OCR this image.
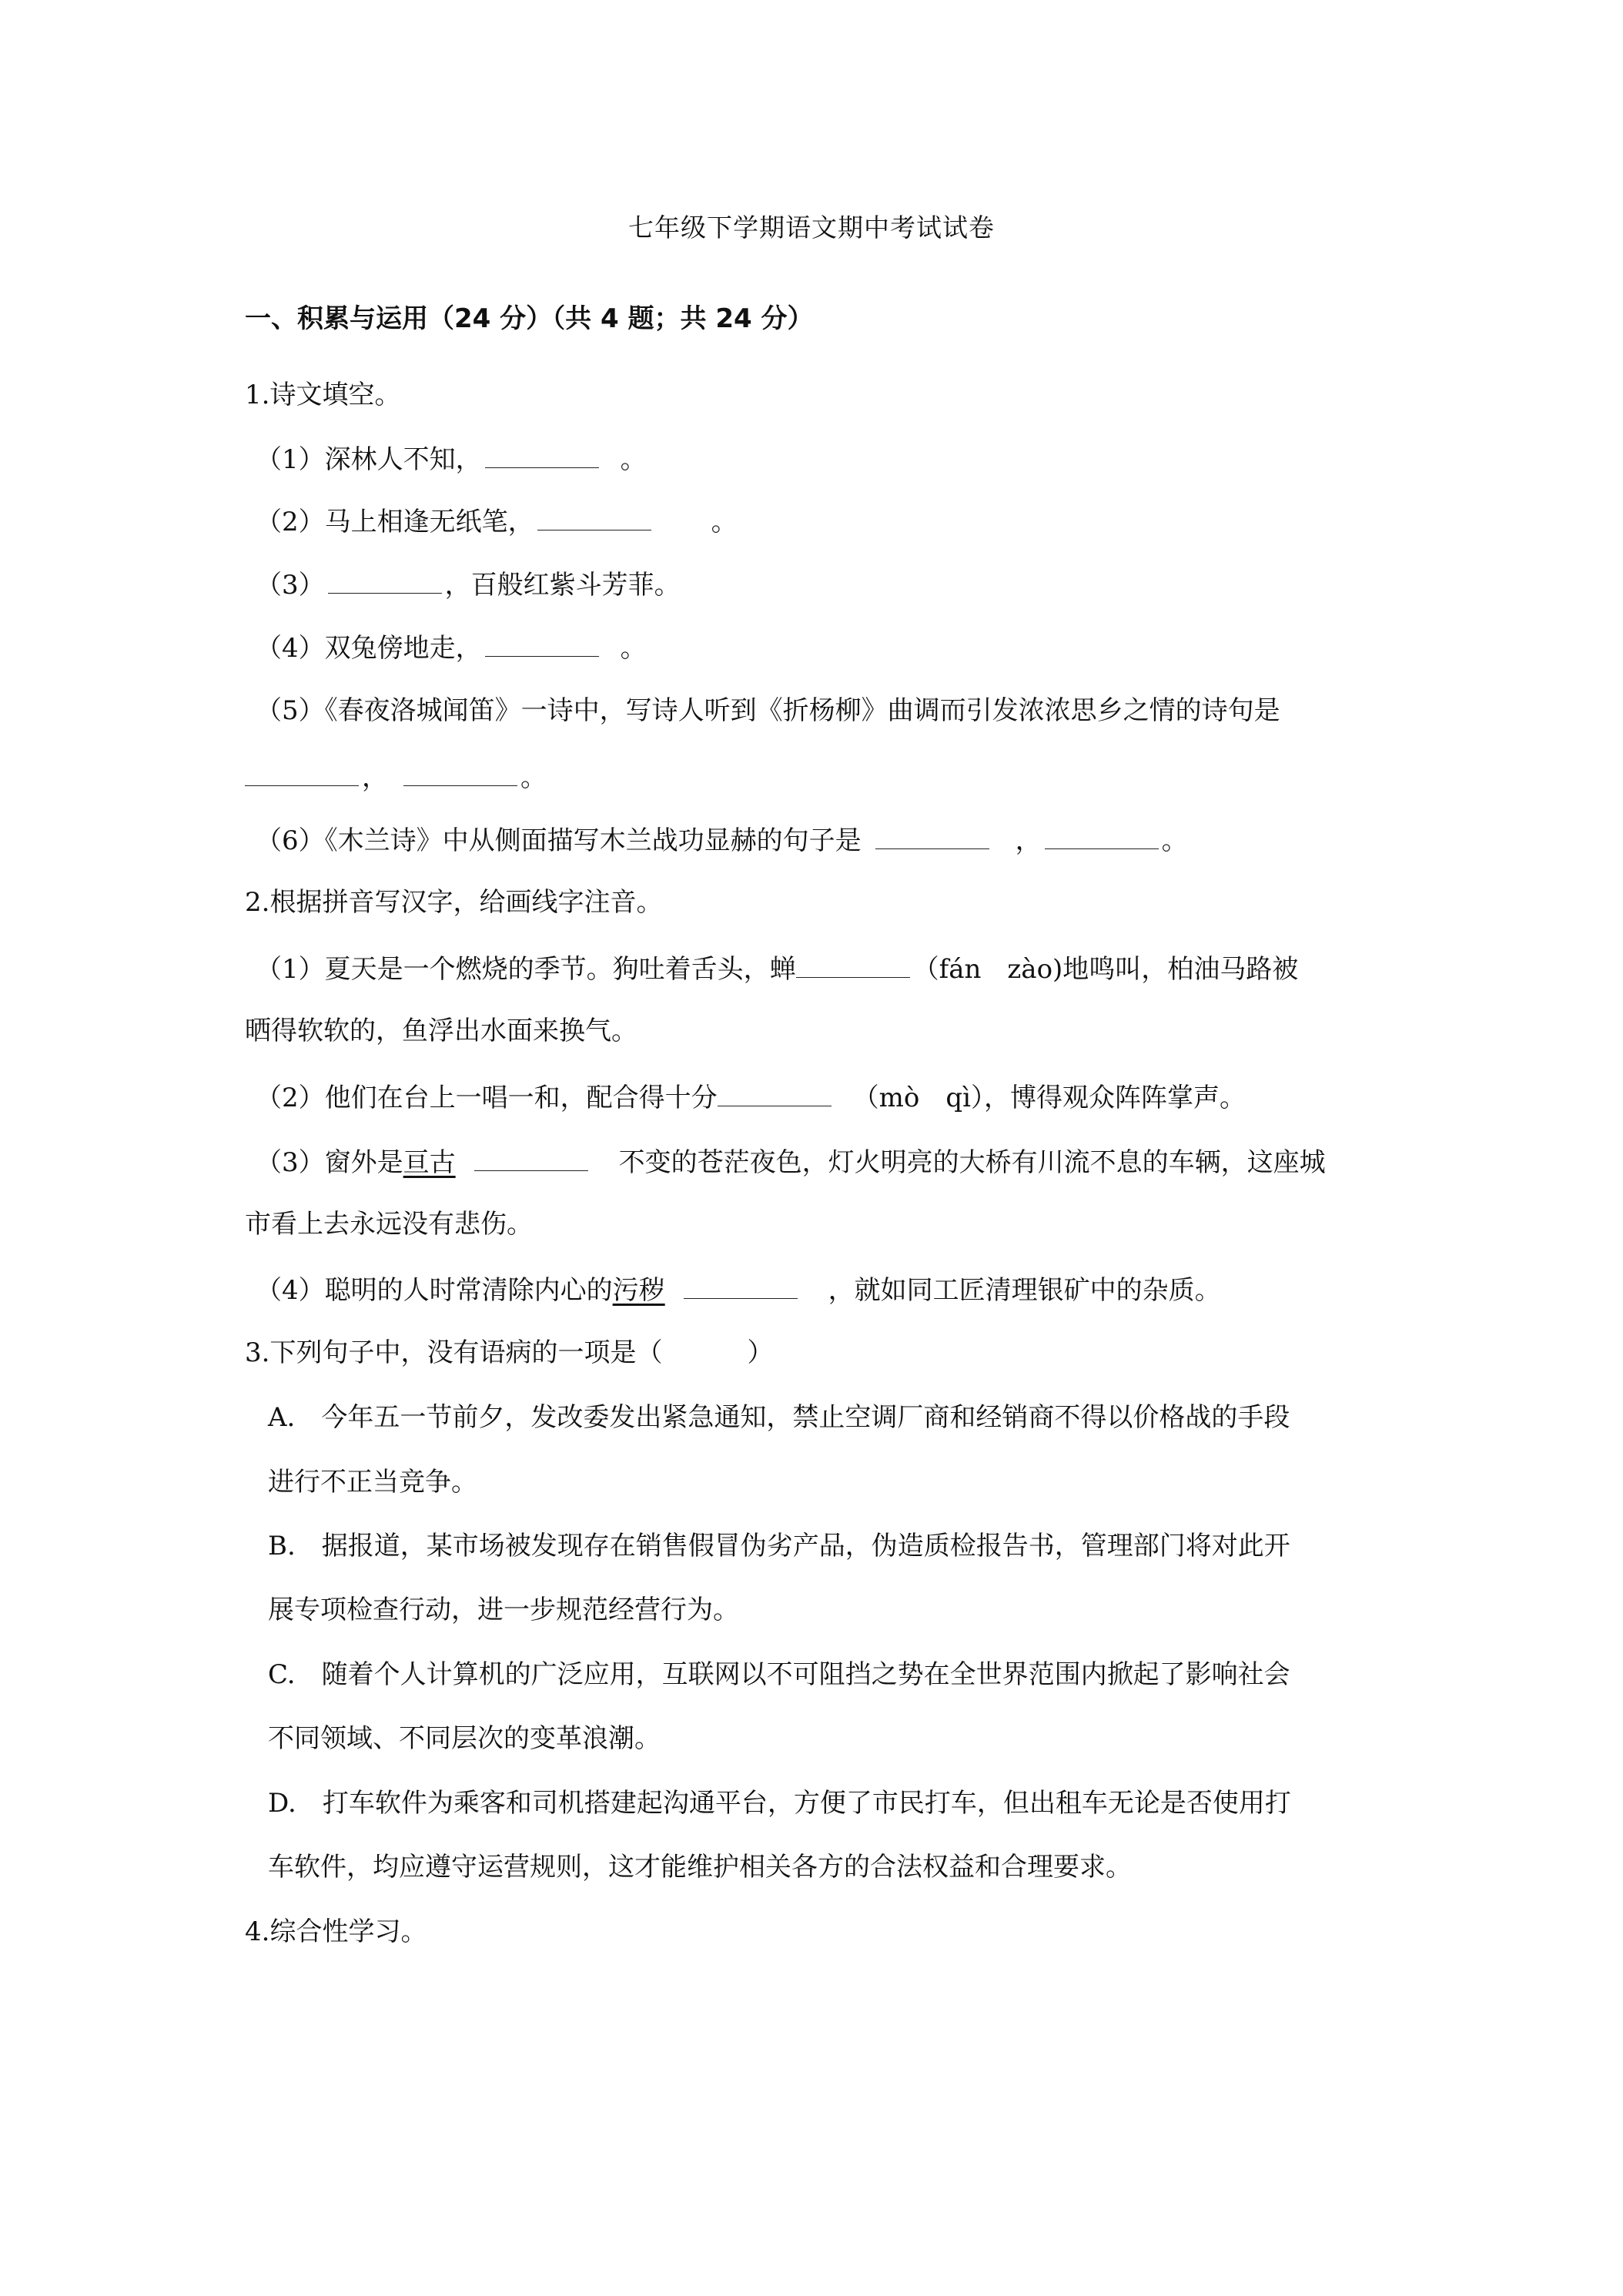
七年级下学期语文期中考试试卷
一、积累与运用（24 分）（共 4 题；共 24 分）
1.诗文填空。
（1）深林人不知，	。
（2）马上相逢无纸笔，	。
（3）	，百般红紫斗芳菲。
（4）双兔傍地走，	。
（5）《春夜洛城闻笛》一诗中，写诗人听到《折杨柳》曲调而引发浓浓思乡之情的诗句是
，	。
（6）《木兰诗》中从侧面描写木兰战功显赫的句子是	，	。
2.根据拼音写汉字，给画线字注音。
（1）夏天是一个燃烧的季节。狗吐着舌头，蝉	（fán　zào)地鸣叫，柏油马路被
晒得软软的，鱼浮出水面来换气。
（2）他们在台上一唱一和，配合得十分	（mò　qì），博得观众阵阵掌声。
（3）窗外是亘古	不变的苍茫夜色，灯火明亮的大桥有川流不息的车辆，这座城
市看上去永远没有悲伤。
（4）聪明的人时常清除内心的污秽	，就如同工匠清理银矿中的杂质。
3.下列句子中，没有语病的一项是（	）
A.　今年五一节前夕，发改委发出紧急通知，禁止空调厂商和经销商不得以价格战的手段
进行不正当竞争。
B.　据报道，某市场被发现存在销售假冒伪劣产品，伪造质检报告书，管理部门将对此开
展专项检查行动，进一步规范经营行为。
C.　随着个人计算机的广泛应用，互联网以不可阻挡之势在全世界范围内掀起了影响社会
不同领域、不同层次的变革浪潮。
D.　打车软件为乘客和司机搭建起沟通平台，方便了市民打车，但出租车无论是否使用打
车软件，均应遵守运营规则，这才能维护相关各方的合法权益和合理要求。
4.综合性学习。
